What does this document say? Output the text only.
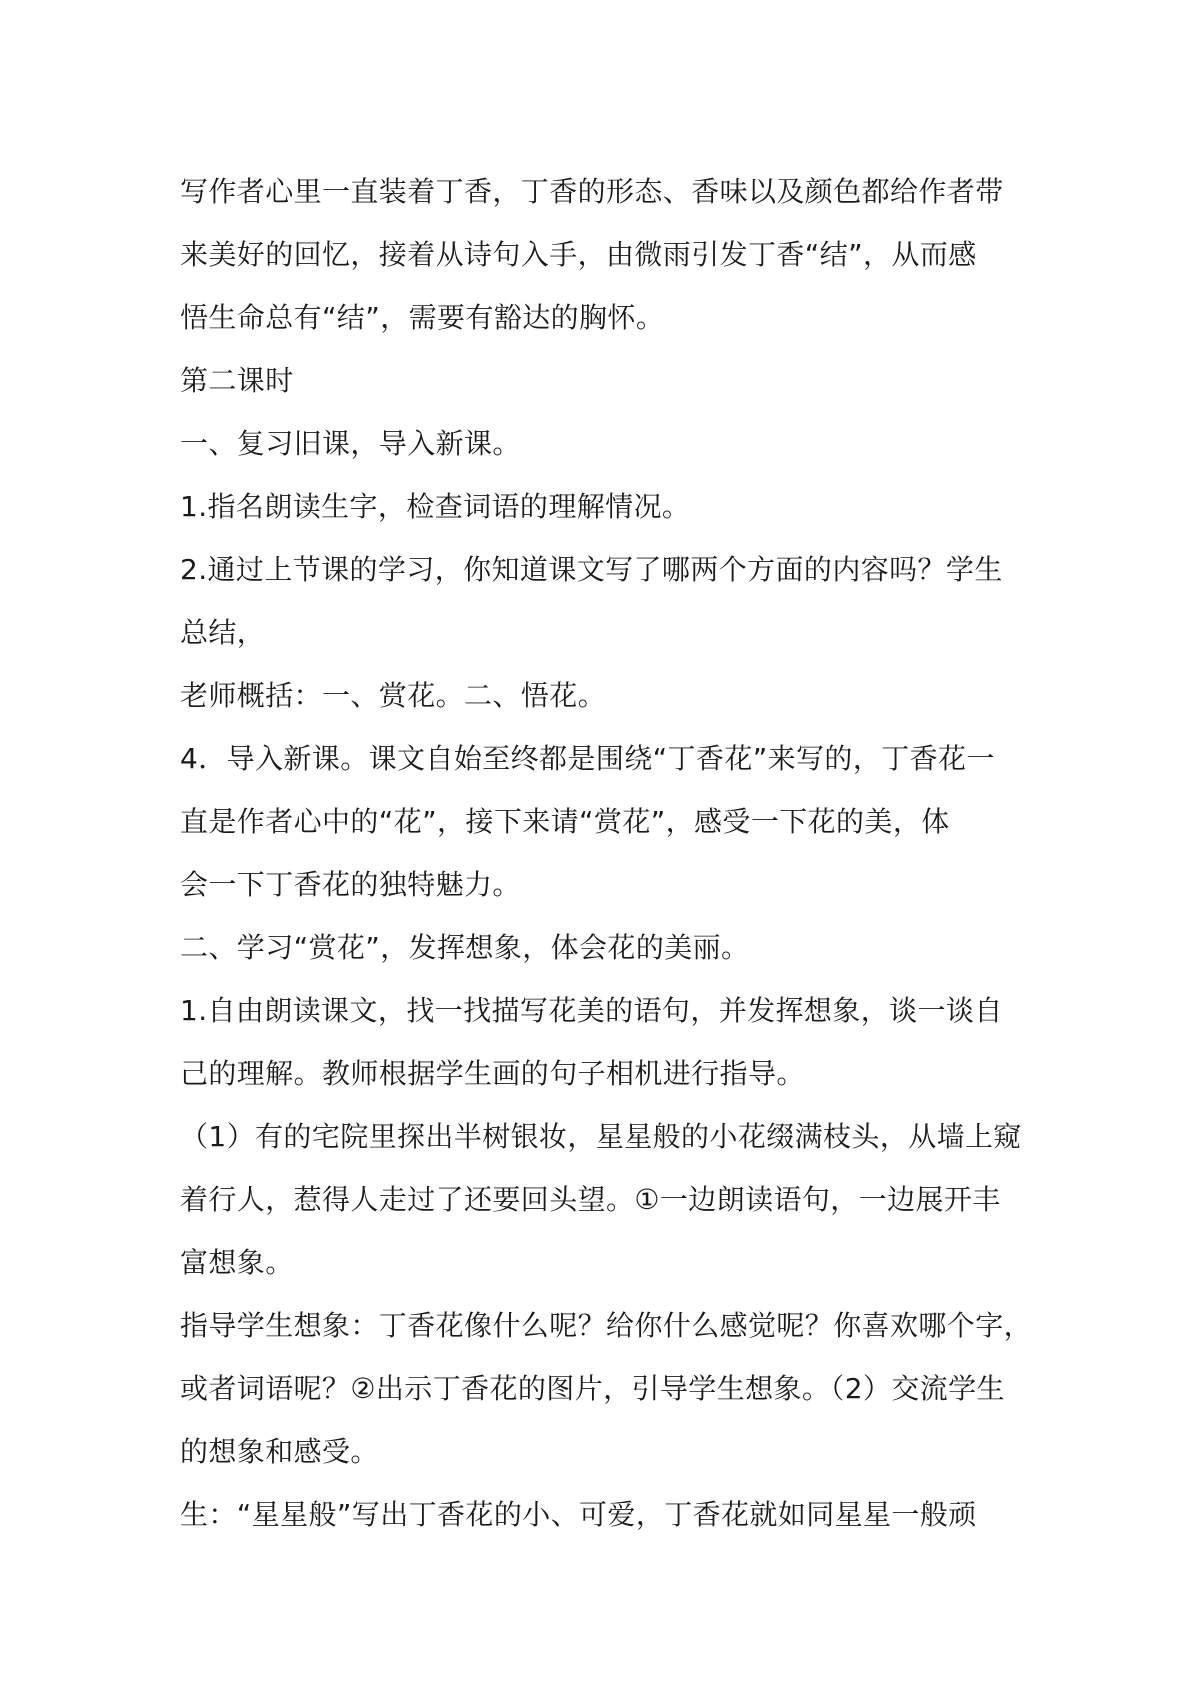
写作者心里一直装着丁香，丁香的形态、香味以及颜色都给作者带
来美好的回忆，接着从诗句入手，由微雨引发丁香“结”，从而感
悟生命总有“结”，需要有豁达的胸怀。

第二课时

一、复习旧课，导入新课。

1.指名朗读生字，检查词语的理解情况。

2.通过上节课的学习，你知道课文写了哪两个方面的内容吗？学生
总结，

老师概括：一、赏花。二、悟花。

4．导入新课。课文自始至终都是围绕“丁香花”来写的，丁香花一
直是作者心中的“花”，接下来请“赏花”，感受一下花的美，体
会一下丁香花的独特魅力。

二、学习“赏花”，发挥想象，体会花的美丽。

1.自由朗读课文，找一找描写花美的语句，并发挥想象，谈一谈自
己的理解。教师根据学生画的句子相机进行指导。

（1）有的宅院里探出半树银妆，星星般的小花缀满枝头，从墙上窥
着行人，惹得人走过了还要回头望。①一边朗读语句，一边展开丰
富想象。

指导学生想象：丁香花像什么呢？给你什么感觉呢？你喜欢哪个字，
或者词语呢？②出示丁香花的图片，引导学生想象。（2）交流学生
的想象和感受。

生：“星星般”写出丁香花的小、可爱，丁香花就如同星星一般顽
